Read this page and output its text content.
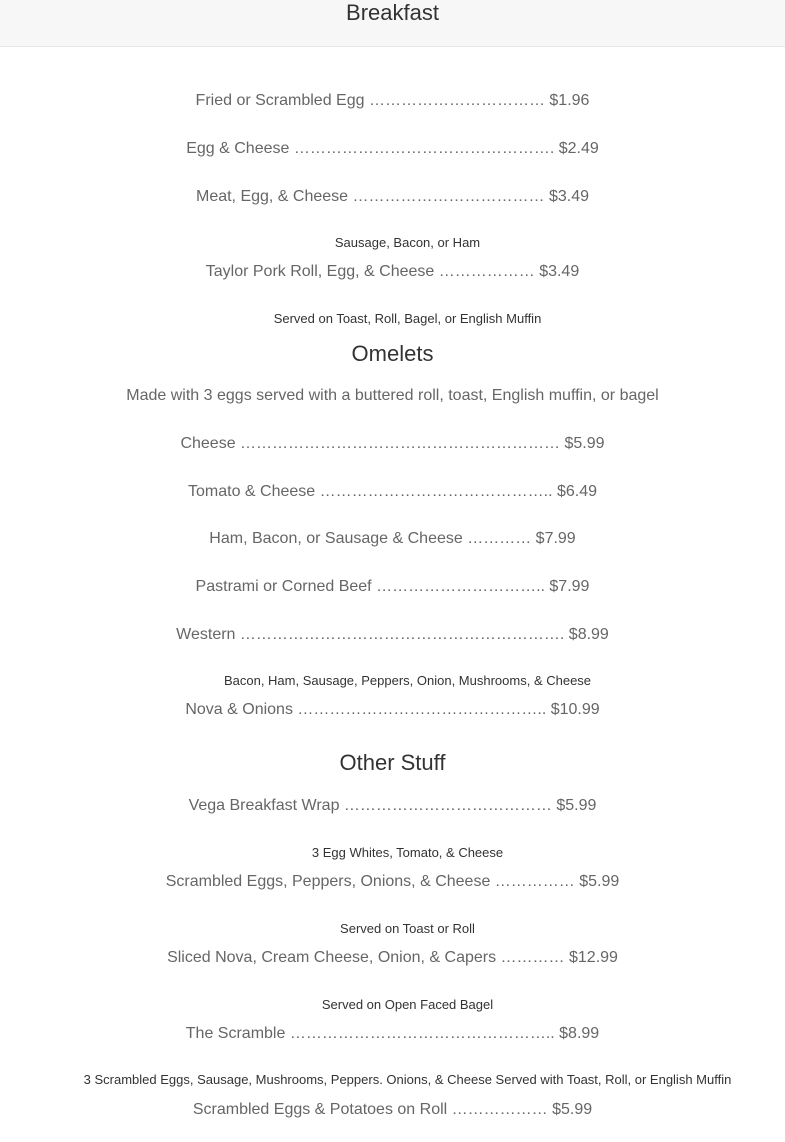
Breakfast
Fried or Scrambled Egg …………………………… $1.96
Egg & Cheese …………………………………………. $2.49
Meat, Egg, & Cheese ……………………………… $3.49
Sausage, Bacon, or Ham
Taylor Pork Roll, Egg, & Cheese ……………… $3.49
Served on Toast, Roll, Bagel, or English Muffin
Omelets
Made with 3 eggs served with a buttered roll, toast, English muffin, or bagel
Cheese …………………………………………………… $5.99
Tomato & Cheese …………………………………….. $6.49
Ham, Bacon, or Sausage & Cheese ………… $7.99
Pastrami or Corned Beef ………………………….. $7.99
Western ……………………………………………………. $8.99
Bacon, Ham, Sausage, Peppers, Onion, Mushrooms, & Cheese
Nova & Onions ……………………………………….. $10.99
Other Stuff
Vega Breakfast Wrap ………………………………… $5.99
3 Egg Whites, Tomato, & Cheese
Scrambled Eggs, Peppers, Onions, & Cheese …………… $5.99
Served on Toast or Roll
Sliced Nova, Cream Cheese, Onion, & Capers ………… $12.99
Served on Open Faced Bagel
The Scramble ………………………………………….. $8.99
3 Scrambled Eggs, Sausage, Mushrooms, Peppers. Onions, & Cheese Served with Toast, Roll, or English Muffin
Scrambled Eggs & Potatoes on Roll ……………… $5.99
